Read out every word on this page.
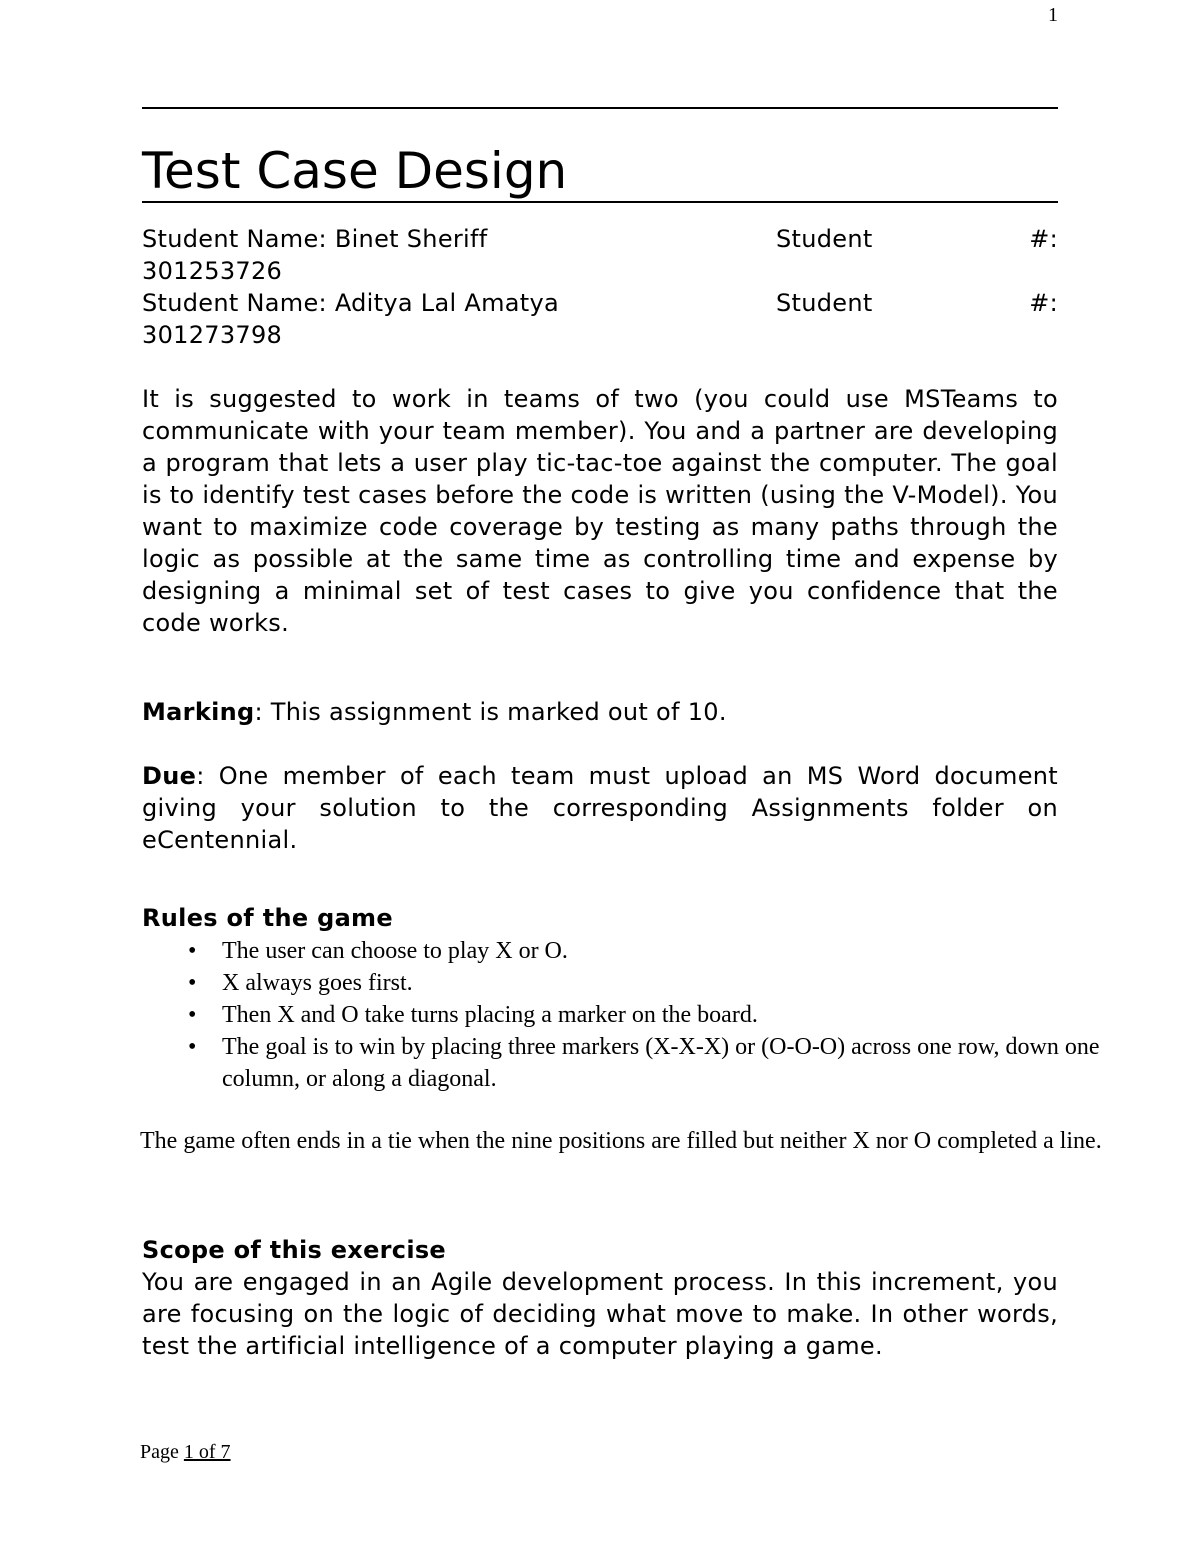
1
Test Case Design
Student Name: Binet Sheriff	Student	#:
301253726
Student Name: Aditya Lal Amatya	Student	#:
301273798

It is suggested to work in teams of two (you could use MSTeams to communicate with your team member). You and a partner are developing a program that lets a user play tic-tac-toe against the computer. The goal is to identify test cases before the code is written (using the V-Model). You want to maximize code coverage by testing as many paths through the logic as possible at the same time as controlling time and expense by designing a minimal set of test cases to give you confidence that the code works.

Marking: This assignment is marked out of 10.

Due: One member of each team must upload an MS Word document giving your solution to the corresponding Assignments folder on eCentennial.

Rules of the game
• The user can choose to play X or O.
• X always goes first.
• Then X and O take turns placing a marker on the board.
• The goal is to win by placing three markers (X-X-X) or (O-O-O) across one row, down one column, or along a diagonal.

The game often ends in a tie when the nine positions are filled but neither X nor O completed a line.

Scope of this exercise

You are engaged in an Agile development process. In this increment, you are focusing on the logic of deciding what move to make. In other words, test the artificial intelligence of a computer playing a game.

Page 1 of 7
